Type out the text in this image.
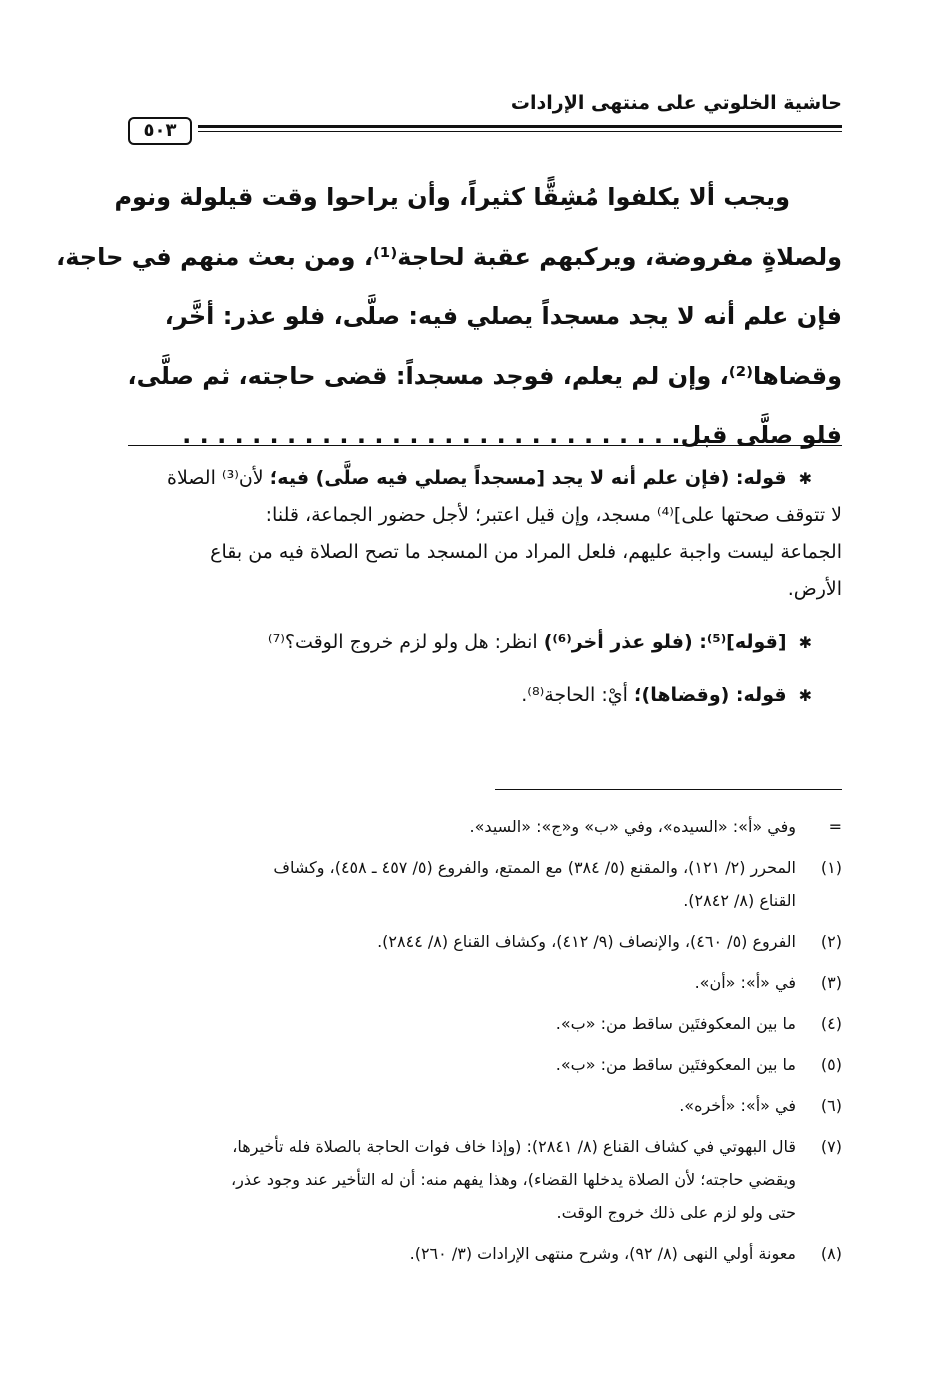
حاشية الخلوتي على منتهى الإرادات
٥٠٣

ويجب ألا يكلفوا مُشِقًّا كثيراً، وأن يراحوا وقت قيلولة ونوم

ولصلاةٍ مفروضة، ويركبهم عقبة لحاجة⁽¹⁾، ومن بعث منهم في حاجة،

فإن علم أنه لا يجد مسجداً يصلي فيه: صلَّى، فلو عذر: أخَّر،

وقضاها⁽²⁾، وإن لم يعلم، فوجد مسجداً: قضى حاجته، ثم صلَّى،

فلو صلَّى قبل. . . . . . . . . . . . . . . . . . . . . . . . . . . . .

✱ قوله: (فإن علم أنه لا يجد [مسجداً يصلي فيه صلَّى) فيه؛ لأن⁽³⁾ الصلاة

لا تتوقف صحتها على]⁽⁴⁾ مسجد، وإن قيل اعتبر؛ لأجل حضور الجماعة، قلنا:

الجماعة ليست واجبة عليهم، فلعل المراد من المسجد ما تصح الصلاة فيه من بقاع

الأرض.

✱ [قوله]⁽⁵⁾: (فلو عذر أخر⁽⁶⁾) انظر: هل ولو لزم خروج الوقت؟⁽⁷⁾

✱ قوله: (وقضاها)؛ أيْ: الحاجة⁽⁸⁾.

=
وفي «أ»: «السيده»، وفي «ب» و«ج»: «السيد».
(١)
المحرر (٢/ ١٢١)، والمقنع (٥/ ٣٨٤) مع الممتع، والفروع (٥/ ٤٥٧ ـ ٤٥٨)، وكشاف
القناع (٨/ ٢٨٤٢).
(٢)
الفروع (٥/ ٤٦٠)، والإنصاف (٩/ ٤١٢)، وكشاف القناع (٨/ ٢٨٤٤).
(٣)
في «أ»: «أن».
(٤)
ما بين المعكوفتَين ساقط من: «ب».
(٥)
ما بين المعكوفتَين ساقط من: «ب».
(٦)
في «أ»: «أخره».
(٧)
قال البهوتي في كشاف القناع (٨/ ٢٨٤١): (وإذا خاف فوات الحاجة بالصلاة فله تأخيرها،
ويقضي حاجته؛ لأن الصلاة يدخلها القضاء)، وهذا يفهم منه: أن له التأخير عند وجود عذر،
حتى ولو لزم على ذلك خروج الوقت.
(٨)
معونة أولي النهى (٨/ ٩٢)، وشرح منتهى الإرادات (٣/ ٢٦٠).
